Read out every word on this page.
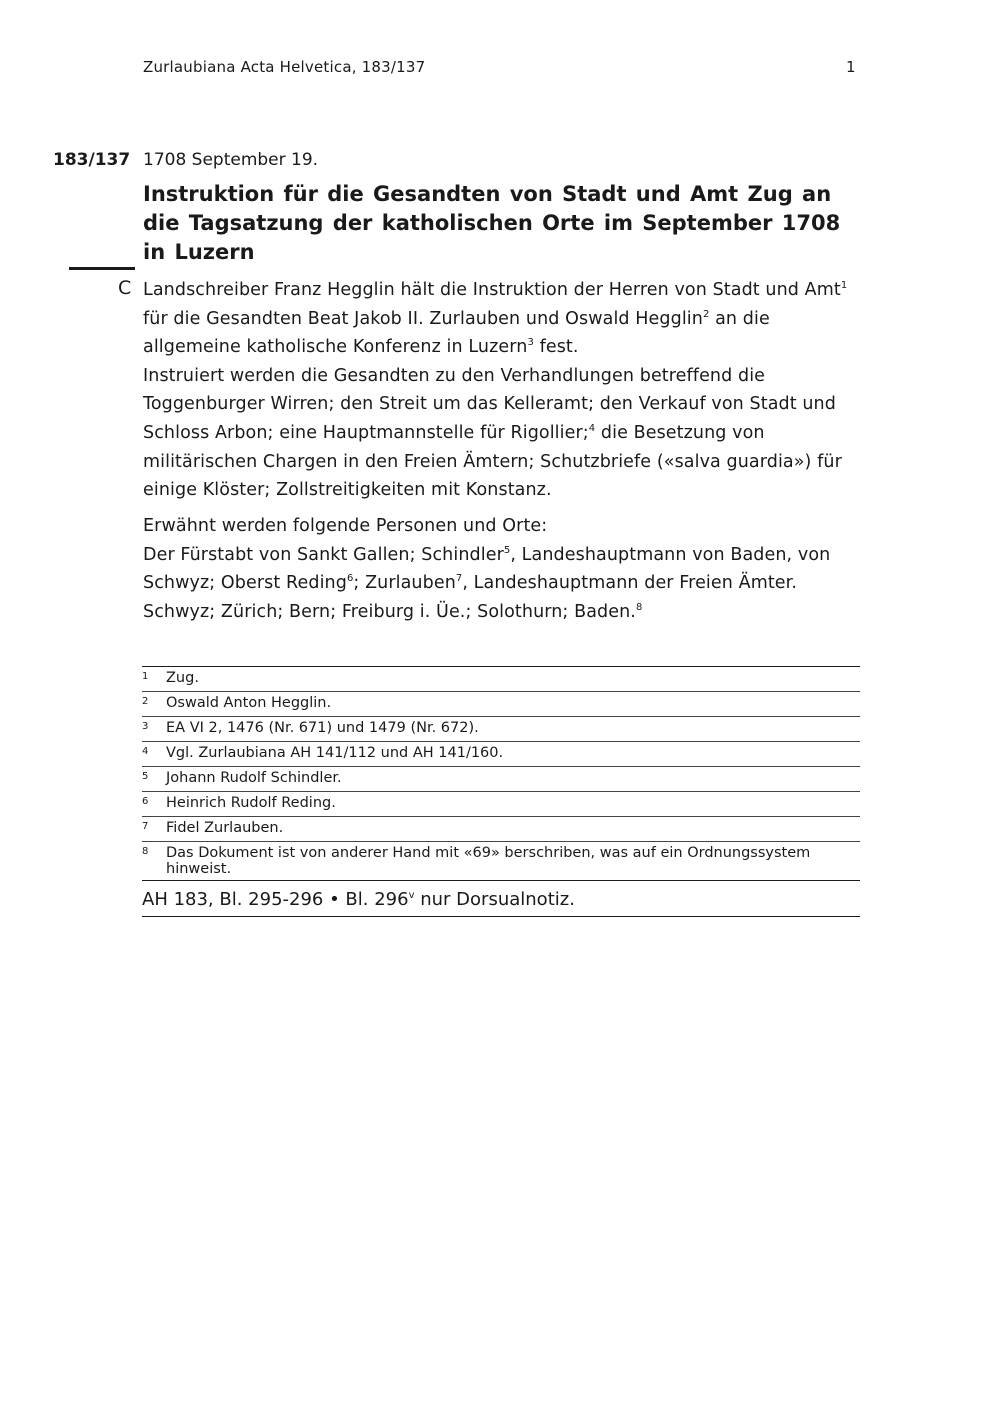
Zurlaubiana Acta Helvetica, 183/137	1
183/137 1708 September 19.
Instruktion für die Gesandten von Stadt und Amt Zug an die Tagsatzung der katholischen Orte im September 1708 in Luzern
C Landschreiber Franz Hegglin hält die Instruktion der Herren von Stadt und Amt$^1$ für die Gesandten Beat Jakob II. Zurlauben und Oswald Hegglin$^2$ an die allgemeine katholische Konferenz in Luzern$^3$ fest.

Instruiert werden die Gesandten zu den Verhandlungen betreffend die Toggenburger Wirren; den Streit um das Kelleramt; den Verkauf von Stadt und Schloss Arbon; eine Hauptmannstelle für Rigollier;$^4$ die Besetzung von militärischen Chargen in den Freien Ämtern; Schutzbriefe («salva guardia») für einige Klöster; Zollstreitigkeiten mit Konstanz.

Erwähnt werden folgende Personen und Orte:

Der Fürstabt von Sankt Gallen; Schindler$^5$, Landeshauptmann von Baden, von Schwyz; Oberst Reding$^6$; Zurlauben$^7$, Landeshauptmann der Freien Ämter. Schwyz; Zürich; Bern; Freiburg i. Üe.; Solothurn; Baden.$^8$

1 Zug.
2 Oswald Anton Hegglin.
3 EA VI 2, 1476 (Nr. 671) und 1479 (Nr. 672).
4 Vgl. Zurlaubiana AH 141/112 und AH 141/160.
5 Johann Rudolf Schindler.
6 Heinrich Rudolf Reding.
7 Fidel Zurlauben.
8 Das Dokument ist von anderer Hand mit «69» berschriben, was auf ein Ordnungssystem hinweist.
AH 183, Bl. 295-296 • Bl. 296$^v$ nur Dorsualnotiz.
